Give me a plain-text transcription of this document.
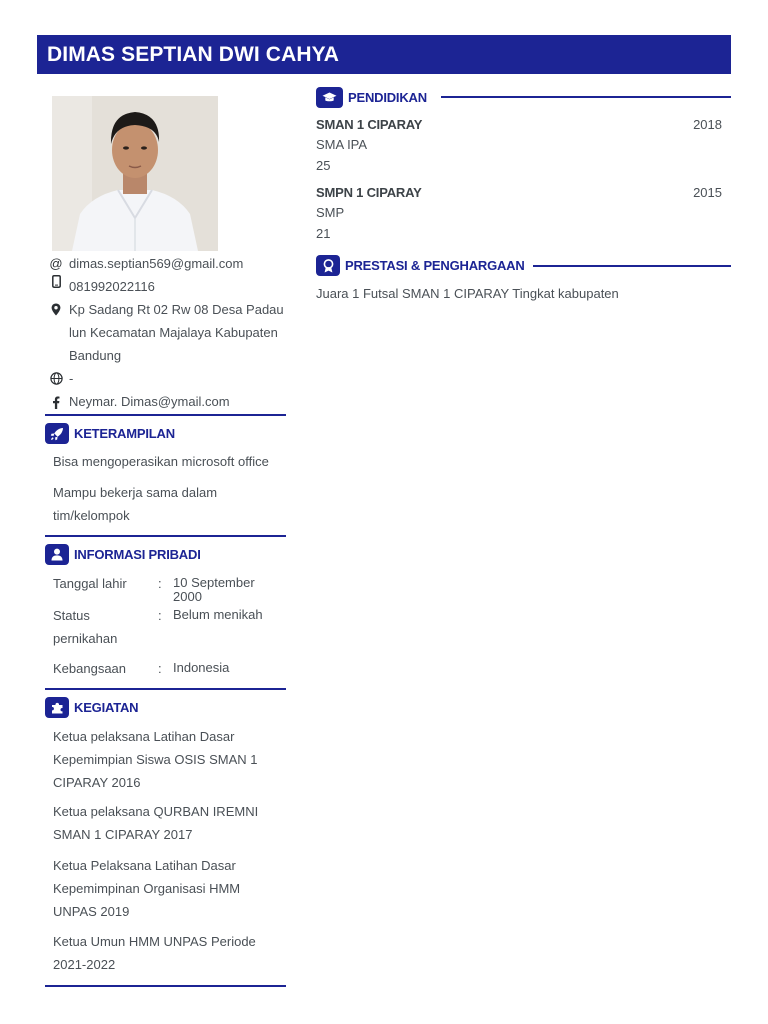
DIMAS SEPTIAN DWI CAHYA
@ dimas.septian569@gmail.com
081992022116
Kp Sadang Rt 02 Rw 08 Desa Padau lun Kecamatan Majalaya Kabupaten Bandung
-
Neymar. Dimas@ymail.com
KETERAMPILAN
Bisa mengoperasikan microsoft office
Mampu bekerja sama dalam tim/kelompok
INFORMASI PRIBADI
Tanggal lahir	: 10 September 2000
Status pernikahan
: Belum menikah
Kebangsaan	: Indonesia
KEGIATAN
Ketua pelaksana Latihan Dasar Kepemimpian Siswa OSIS SMAN 1 CIPARAY 2016
Ketua pelaksana QURBAN IREMNI SMAN 1 CIPARAY 2017
Ketua Pelaksana Latihan Dasar Kepemimpinan Organisasi HMM UNPAS 2019
Ketua Umun HMM UNPAS Periode 2021-2022
PENDIDIKAN
SMAN 1 CIPARAY	2018
SMA IPA
25
SMPN 1 CIPARAY	2015
SMP
21
PRESTASI & PENGHARGAAN
Juara 1 Futsal SMAN 1 CIPARAY Tingkat kabupaten
